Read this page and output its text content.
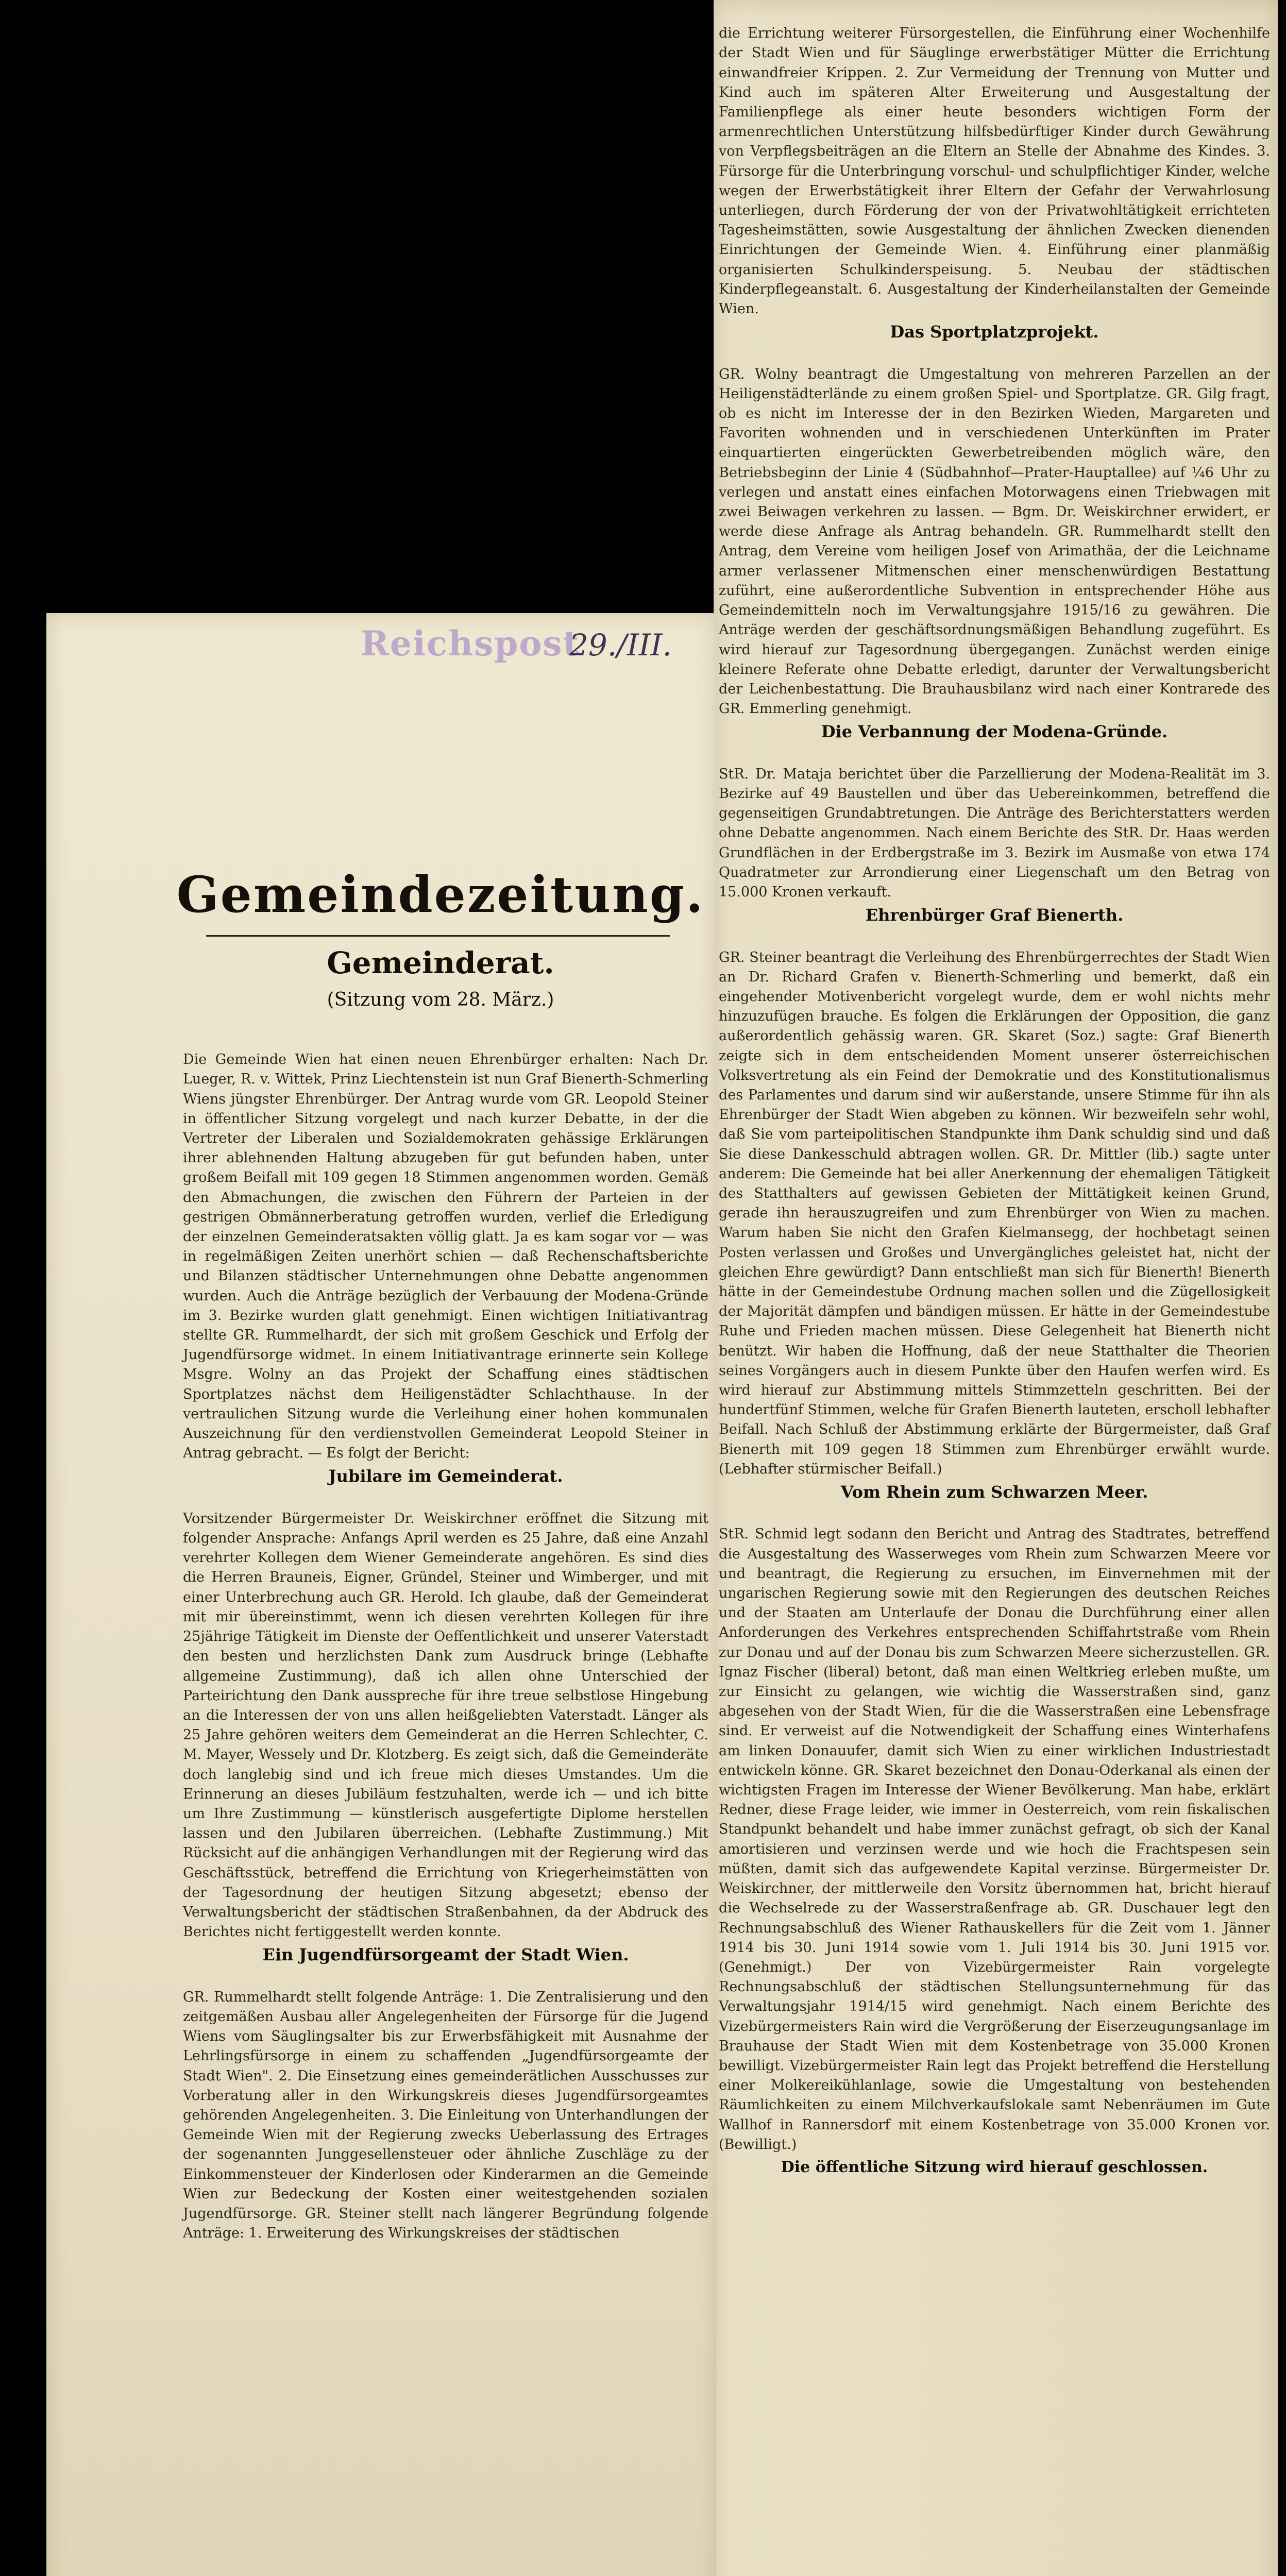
Reichspost
29./III.

die Errichtung weiterer Fürsorgestellen, die Einführung einer Wochenhilfe der Stadt Wien und für Säuglinge erwerbstätiger Mütter die Errichtung einwandfreier Krippen. 2. Zur Vermeidung der Trennung von Mutter und Kind auch im späteren Alter Erweiterung und Ausgestaltung der Familienpflege als einer heute besonders wichtigen Form der armenrechtlichen Unterstützung hilfsbedürftiger Kinder durch Gewährung von Verpflegsbeiträgen an die Eltern an Stelle der Abnahme des Kindes. 3. Fürsorge für die Unterbringung vorschul- und schulpflichtiger Kinder, welche wegen der Erwerbstätigkeit ihrer Eltern der Gefahr der Verwahrlosung unterliegen, durch Förderung der von der Privatwohltätigkeit errichteten Tagesheimstätten, sowie Ausgestaltung der ähnlichen Zwecken dienenden Einrichtungen der Gemeinde Wien. 4. Einführung einer planmäßig organisierten Schulkinderspeisung. 5. Neubau der städtischen Kinderpflegeanstalt. 6. Ausgestaltung der Kinderheilanstalten der Gemeinde Wien.

Das Sportplatzprojekt.

GR. Wolny beantragt die Umgestaltung von mehreren Parzellen an der Heiligenstädterlände zu einem großen Spiel- und Sportplatze. GR. Gilg fragt, ob es nicht im Interesse der in den Bezirken Wieden, Margareten und Favoriten wohnenden und in verschiedenen Unterkünften im Prater einquartierten eingerückten Gewerbetreibenden möglich wäre, den Betriebsbeginn der Linie 4 (Südbahnhof—Prater-Hauptallee) auf ¼6 Uhr zu verlegen und anstatt eines einfachen Motorwagens einen Triebwagen mit zwei Beiwagen verkehren zu lassen. — Bgm. Dr. Weiskirchner erwidert, er werde diese Anfrage als Antrag behandeln. GR. Rummelhardt stellt den Antrag, dem Vereine vom heiligen Josef von Arimathäa, der die Leichname armer verlassener Mitmenschen einer menschenwürdigen Bestattung zuführt, eine außerordentliche Subvention in entsprechender Höhe aus Gemeindemitteln noch im Verwaltungsjahre 1915/16 zu gewähren. Die Anträge werden der geschäftsordnungsmäßigen Behandlung zugeführt. Es wird hierauf zur Tagesordnung übergegangen. Zunächst werden einige kleinere Referate ohne Debatte erledigt, darunter der Verwaltungsbericht der Leichenbestattung. Die Brauhausbilanz wird nach einer Kontrarede des GR. Emmerling genehmigt.

Die Verbannung der Modena-Gründe.

StR. Dr. Mataja berichtet über die Parzellierung der Modena-Realität im 3. Bezirke auf 49 Baustellen und über das Uebereinkommen, betreffend die gegenseitigen Grundabtretungen. Die Anträge des Berichterstatters werden ohne Debatte angenommen. Nach einem Berichte des StR. Dr. Haas werden Grundflächen in der Erdbergstraße im 3. Bezirk im Ausmaße von etwa 174 Quadratmeter zur Arrondierung einer Liegenschaft um den Betrag von 15.000 Kronen verkauft.

Ehrenbürger Graf Bienerth.

GR. Steiner beantragt die Verleihung des Ehrenbürgerrechtes der Stadt Wien an Dr. Richard Grafen v. Bienerth-Schmerling und bemerkt, daß ein eingehender Motivenbericht vorgelegt wurde, dem er wohl nichts mehr hinzuzufügen brauche. Es folgen die Erklärungen der Opposition, die ganz außerordentlich gehässig waren. GR. Skaret (Soz.) sagte: Graf Bienerth zeigte sich in dem entscheidenden Moment unserer österreichischen Volksvertretung als ein Feind der Demokratie und des Konstitutionalismus des Parlamentes und darum sind wir außerstande, unsere Stimme für ihn als Ehrenbürger der Stadt Wien abgeben zu können. Wir bezweifeln sehr wohl, daß Sie vom parteipolitischen Standpunkte ihm Dank schuldig sind und daß Sie diese Dankesschuld abtragen wollen. GR. Dr. Mittler (lib.) sagte unter anderem: Die Gemeinde hat bei aller Anerkennung der ehemaligen Tätigkeit des Statthalters auf gewissen Gebieten der Mittätigkeit keinen Grund, gerade ihn herauszugreifen und zum Ehrenbürger von Wien zu machen. Warum haben Sie nicht den Grafen Kielmansegg, der hochbetagt seinen Posten verlassen und Großes und Unvergängliches geleistet hat, nicht der gleichen Ehre gewürdigt? Dann entschließt man sich für Bienerth! Bienerth hätte in der Gemeindestube Ordnung machen sollen und die Zügellosigkeit der Majorität dämpfen und bändigen müssen. Er hätte in der Gemeindestube Ruhe und Frieden machen müssen. Diese Gelegenheit hat Bienerth nicht benützt. Wir haben die Hoffnung, daß der neue Statthalter die Theorien seines Vorgängers auch in diesem Punkte über den Haufen werfen wird. Es wird hierauf zur Abstimmung mittels Stimmzetteln geschritten. Bei der hundertfünf Stimmen, welche für Grafen Bienerth lauteten, erscholl lebhafter Beifall. Nach Schluß der Abstimmung erklärte der Bürgermeister, daß Graf Bienerth mit 109 gegen 18 Stimmen zum Ehrenbürger erwählt wurde. (Lebhafter stürmischer Beifall.)

Vom Rhein zum Schwarzen Meer.

StR. Schmid legt sodann den Bericht und Antrag des Stadtrates, betreffend die Ausgestaltung des Wasserweges vom Rhein zum Schwarzen Meere vor und beantragt, die Regierung zu ersuchen, im Einvernehmen mit der ungarischen Regierung sowie mit den Regierungen des deutschen Reiches und der Staaten am Unterlaufe der Donau die Durchführung einer allen Anforderungen des Verkehres entsprechenden Schiffahrtstraße vom Rhein zur Donau und auf der Donau bis zum Schwarzen Meere sicherzustellen. GR. Ignaz Fischer (liberal) betont, daß man einen Weltkrieg erleben mußte, um zur Einsicht zu gelangen, wie wichtig die Wasserstraßen sind, ganz abgesehen von der Stadt Wien, für die die Wasserstraßen eine Lebensfrage sind. Er verweist auf die Notwendigkeit der Schaffung eines Winterhafens am linken Donauufer, damit sich Wien zu einer wirklichen Industriestadt entwickeln könne. GR. Skaret bezeichnet den Donau-Oderkanal als einen der wichtigsten Fragen im Interesse der Wiener Bevölkerung. Man habe, erklärt Redner, diese Frage leider, wie immer in Oesterreich, vom rein fiskalischen Standpunkt behandelt und habe immer zunächst gefragt, ob sich der Kanal amortisieren und verzinsen werde und wie hoch die Frachtspesen sein müßten, damit sich das aufgewendete Kapital verzinse. Bürgermeister Dr. Weiskirchner, der mittlerweile den Vorsitz übernommen hat, bricht hierauf die Wechselrede zu der Wasserstraßenfrage ab. GR. Duschauer legt den Rechnungsabschluß des Wiener Rathauskellers für die Zeit vom 1. Jänner 1914 bis 30. Juni 1914 sowie vom 1. Juli 1914 bis 30. Juni 1915 vor. (Genehmigt.) Der von Vizebürgermeister Rain vorgelegte Rechnungsabschluß der städtischen Stellungsunternehmung für das Verwaltungsjahr 1914/15 wird genehmigt. Nach einem Berichte des Vizebürgermeisters Rain wird die Vergrößerung der Eiserzeugungsanlage im Brauhause der Stadt Wien mit dem Kostenbetrage von 35.000 Kronen bewilligt. Vizebürgermeister Rain legt das Projekt betreffend die Herstellung einer Molkereikühlanlage, sowie die Umgestaltung von bestehenden Räumlichkeiten zu einem Milchverkaufslokale samt Nebenräumen im Gute Wallhof in Rannersdorf mit einem Kostenbetrage von 35.000 Kronen vor. (Bewilligt.)

Die öffentliche Sitzung wird hierauf geschlossen.

Gemeindezeitung.
Gemeinderat.
(Sitzung vom 28. März.)

Die Gemeinde Wien hat einen neuen Ehrenbürger erhalten: Nach Dr. Lueger, R. v. Wittek, Prinz Liechtenstein ist nun Graf Bienerth-Schmerling Wiens jüngster Ehrenbürger. Der Antrag wurde vom GR. Leopold Steiner in öffentlicher Sitzung vorgelegt und nach kurzer Debatte, in der die Vertreter der Liberalen und Sozialdemokraten gehässige Erklärungen ihrer ablehnenden Haltung abzugeben für gut befunden haben, unter großem Beifall mit 109 gegen 18 Stimmen angenommen worden. Gemäß den Abmachungen, die zwischen den Führern der Parteien in der gestrigen Obmännerberatung getroffen wurden, verlief die Erledigung der einzelnen Gemeinderatsakten völlig glatt. Ja es kam sogar vor — was in regelmäßigen Zeiten unerhört schien — daß Rechenschaftsberichte und Bilanzen städtischer Unternehmungen ohne Debatte angenommen wurden. Auch die Anträge bezüglich der Verbauung der Modena-Gründe im 3. Bezirke wurden glatt genehmigt. Einen wichtigen Initiativantrag stellte GR. Rummelhardt, der sich mit großem Geschick und Erfolg der Jugendfürsorge widmet. In einem Initiativantrage erinnerte sein Kollege Msgre. Wolny an das Projekt der Schaffung eines städtischen Sportplatzes nächst dem Heiligenstädter Schlachthause. In der vertraulichen Sitzung wurde die Verleihung einer hohen kommunalen Auszeichnung für den verdienstvollen Gemeinderat Leopold Steiner in Antrag gebracht. — Es folgt der Bericht:

Jubilare im Gemeinderat.

Vorsitzender Bürgermeister Dr. Weiskirchner eröffnet die Sitzung mit folgender Ansprache: Anfangs April werden es 25 Jahre, daß eine Anzahl verehrter Kollegen dem Wiener Gemeinderate angehören. Es sind dies die Herren Brauneis, Eigner, Gründel, Steiner und Wimberger, und mit einer Unterbrechung auch GR. Herold. Ich glaube, daß der Gemeinderat mit mir übereinstimmt, wenn ich diesen verehrten Kollegen für ihre 25jährige Tätigkeit im Dienste der Oeffentlichkeit und unserer Vaterstadt den besten und herzlichsten Dank zum Ausdruck bringe (Lebhafte allgemeine Zustimmung), daß ich allen ohne Unterschied der Parteirichtung den Dank ausspreche für ihre treue selbstlose Hingebung an die Interessen der von uns allen heißgeliebten Vaterstadt. Länger als 25 Jahre gehören weiters dem Gemeinderat an die Herren Schlechter, C. M. Mayer, Wessely und Dr. Klotzberg. Es zeigt sich, daß die Gemeinderäte doch langlebig sind und ich freue mich dieses Umstandes. Um die Erinnerung an dieses Jubiläum festzuhalten, werde ich — und ich bitte um Ihre Zustimmung — künstlerisch ausgefertigte Diplome herstellen lassen und den Jubilaren überreichen. (Lebhafte Zustimmung.) Mit Rücksicht auf die anhängigen Verhandlungen mit der Regierung wird das Geschäftsstück, betreffend die Errichtung von Kriegerheimstätten von der Tagesordnung der heutigen Sitzung abgesetzt; ebenso der Verwaltungsbericht der städtischen Straßenbahnen, da der Abdruck des Berichtes nicht fertiggestellt werden konnte.

Ein Jugendfürsorgeamt der Stadt Wien.

GR. Rummelhardt stellt folgende Anträge: 1. Die Zentralisierung und den zeitgemäßen Ausbau aller Angelegenheiten der Fürsorge für die Jugend Wiens vom Säuglingsalter bis zur Erwerbsfähigkeit mit Ausnahme der Lehrlingsfürsorge in einem zu schaffenden „Jugendfürsorgeamte der Stadt Wien". 2. Die Einsetzung eines gemeinderätlichen Ausschusses zur Vorberatung aller in den Wirkungskreis dieses Jugendfürsorgeamtes gehörenden Angelegenheiten. 3. Die Einleitung von Unterhandlungen der Gemeinde Wien mit der Regierung zwecks Ueberlassung des Ertrages der sogenannten Junggesellensteuer oder ähnliche Zuschläge zu der Einkommensteuer der Kinderlosen oder Kinderarmen an die Gemeinde Wien zur Bedeckung der Kosten einer weitestgehenden sozialen Jugendfürsorge. GR. Steiner stellt nach längerer Begründung folgende Anträge: 1. Erweiterung des Wirkungskreises der städtischen
